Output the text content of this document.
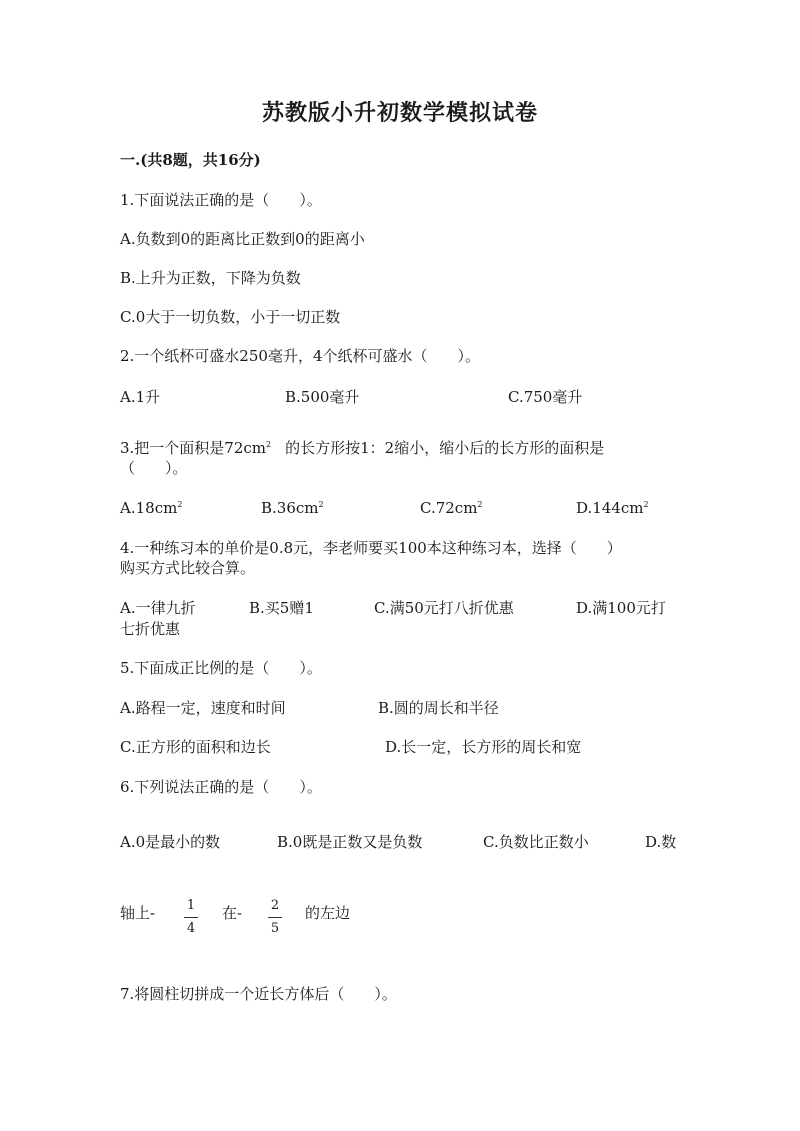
苏教版小升初数学模拟试卷
一.(共8题，共16分)
1.下面说法正确的是（　　）。
A.负数到0的距离比正数到0的距离小
B.上升为正数，下降为负数
C.0大于一切负数，小于一切正数
2.一个纸杯可盛水250毫升，4个纸杯可盛水（　　）。
A.1升	B.500毫升	C.750毫升
3.把一个面积是$72cm^2$ 的长方形按1：2缩小，缩小后的长方形的面积是
（　　）。
$A.18cm^2$	$B.36cm^2$	$C.72cm^2$	$D.144cm^2$
4.一种练习本的单价是0.8元，李老师要买100本这种练习本，选择（　　）
购买方式比较合算。
A.一律九折	B.买5赠1	C.满50元打八折优惠	D.满100元打
七折优惠
5.下面成正比例的是（　　）。
A.路程一定，速度和时间	B.圆的周长和半径
C.正方形的面积和边长	D.长一定，长方形的周长和宽
6.下列说法正确的是（　　）。
A.0是最小的数	B.0既是正数又是负数	C.负数比正数小	D.数
轴上- 1
4
在- 2
5
的左边
7.将圆柱切拼成一个近长方体后（　　）。
